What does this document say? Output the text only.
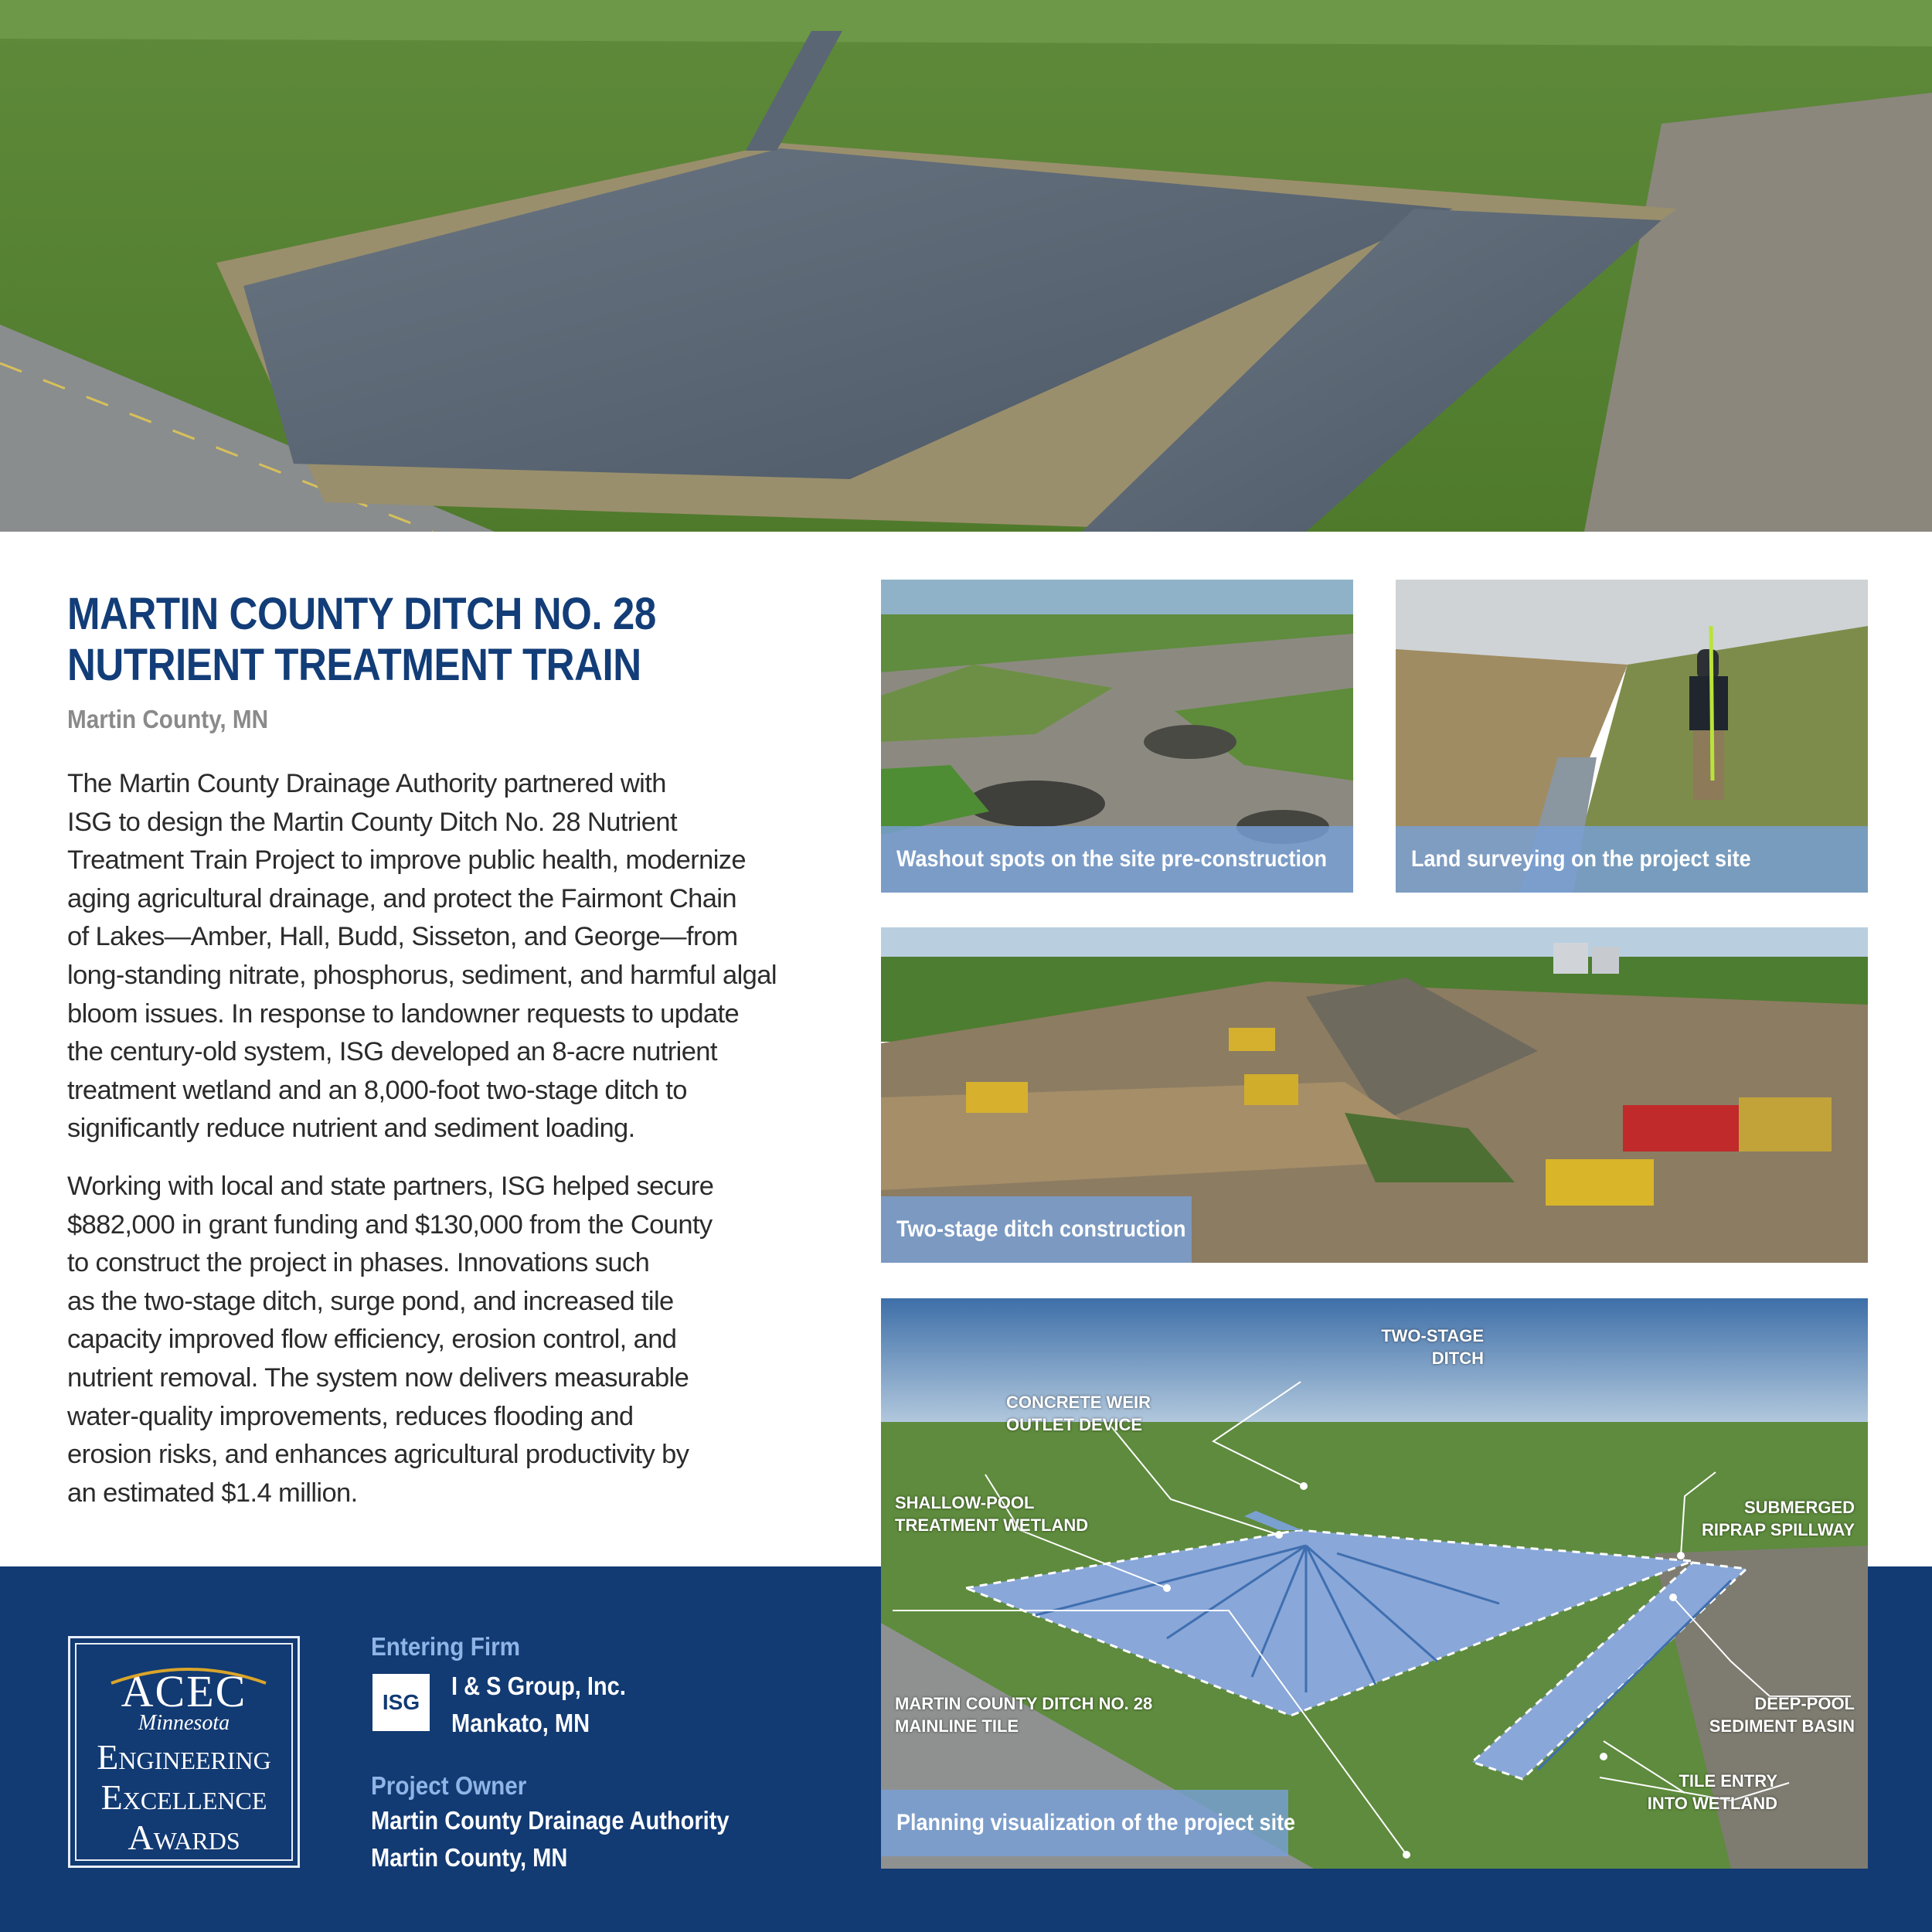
MARTIN COUNTY DITCH NO. 28
NUTRIENT TREATMENT TRAIN
Martin County, MN

The Martin County Drainage Authority partnered with
ISG to design the Martin County Ditch No. 28 Nutrient
Treatment Train Project to improve public health, modernize
aging agricultural drainage, and protect the Fairmont Chain
of Lakes—Amber, Hall, Budd, Sisseton, and George—from
long-standing nitrate, phosphorus, sediment, and harmful algal
bloom issues. In response to landowner requests to update
the century-old system, ISG developed an 8-acre nutrient
treatment wetland and an 8,000-foot two-stage ditch to
significantly reduce nutrient and sediment loading.

Working with local and state partners, ISG helped secure
$882,000 in grant funding and $130,000 from the County
to construct the project in phases. Innovations such
as the two-stage ditch, surge pond, and increased tile
capacity improved flow efficiency, erosion control, and
nutrient removal. The system now delivers measurable
water-quality improvements, reduces flooding and
erosion risks, and enhances agricultural productivity by
an estimated $1.4 million.

ACEC
Minnesota
Engineering
Excellence
Awards
Entering Firm
ISG
I & S Group, Inc.
Mankato, MN
Project Owner
Martin County Drainage Authority
Martin County, MN
Washout spots on the site pre-construction	Land surveying on the project site
Two-stage ditch construction
TWO-STAGE
DITCH
CONCRETE WEIR
OUTLET DEVICE
SHALLOW-POOL
TREATMENT WETLAND
SUBMERGED
RIPRAP SPILLWAY
MARTIN COUNTY DITCH NO. 28
MAINLINE TILE
DEEP-POOL
SEDIMENT BASIN
TILE ENTRY
INTO WETLAND
Planning visualization of the project site
